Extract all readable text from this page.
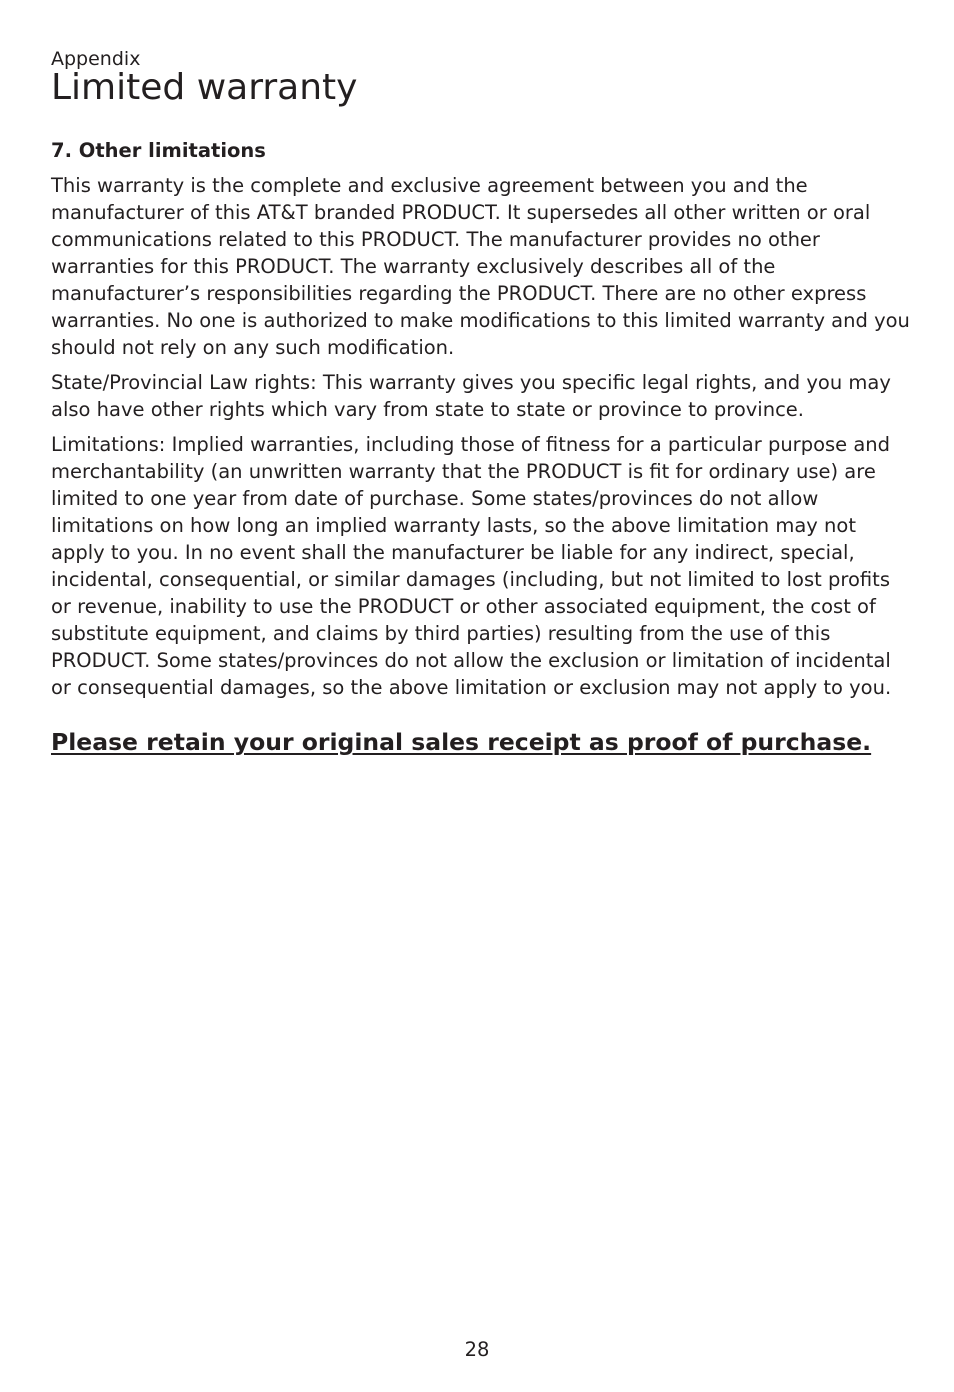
Appendix

Limited warranty
7. Other limitations

This warranty is the complete and exclusive agreement between you and the manufacturer of this AT&T branded PRODUCT. It supersedes all other written or oral communications related to this PRODUCT. The manufacturer provides no other warranties for this PRODUCT. The warranty exclusively describes all of the manufacturer’s responsibilities regarding the PRODUCT. There are no other express warranties. No one is authorized to make modifications to this limited warranty and you should not rely on any such modification.

State/Provincial Law rights: This warranty gives you specific legal rights, and you may also have other rights which vary from state to state or province to province.

Limitations: Implied warranties, including those of fitness for a particular purpose and merchantability (an unwritten warranty that the PRODUCT is fit for ordinary use) are limited to one year from date of purchase. Some states/provinces do not allow limitations on how long an implied warranty lasts, so the above limitation may not apply to you. In no event shall the manufacturer be liable for any indirect, special, incidental, consequential, or similar damages (including, but not limited to lost profits or revenue, inability to use the PRODUCT or other associated equipment, the cost of substitute equipment, and claims by third parties) resulting from the use of this PRODUCT. Some states/provinces do not allow the exclusion or limitation of incidental or consequential damages, so the above limitation or exclusion may not apply to you.

Please retain your original sales receipt as proof of purchase.

28
